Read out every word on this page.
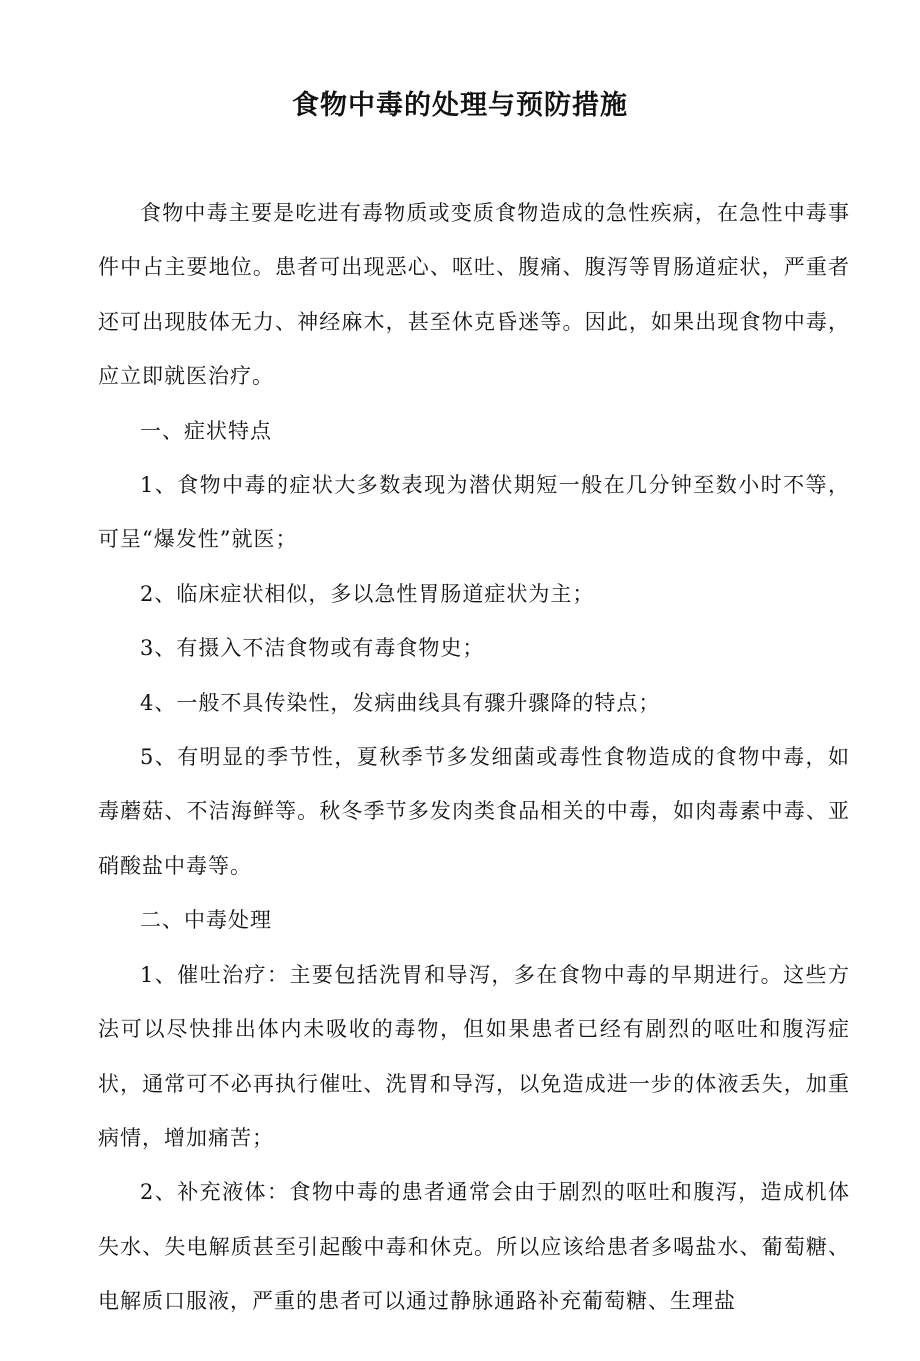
食物中毒的处理与预防措施

食物中毒主要是吃进有毒物质或变质食物造成的急性疾病，在急性中毒事件中占主要地位。患者可出现恶心、呕吐、腹痛、腹泻等胃肠道症状，严重者还可出现肢体无力、神经麻木，甚至休克昏迷等。因此，如果出现食物中毒，应立即就医治疗。

一、症状特点

1、食物中毒的症状大多数表现为潜伏期短一般在几分钟至数小时不等，可呈“爆发性”就医；

2、临床症状相似，多以急性胃肠道症状为主；

3、有摄入不洁食物或有毒食物史；

4、一般不具传染性，发病曲线具有骤升骤降的特点；

5、有明显的季节性，夏秋季节多发细菌或毒性食物造成的食物中毒，如毒蘑菇、不洁海鲜等。秋冬季节多发肉类食品相关的中毒，如肉毒素中毒、亚硝酸盐中毒等。

二、中毒处理

1、催吐治疗：主要包括洗胃和导泻，多在食物中毒的早期进行。这些方法可以尽快排出体内未吸收的毒物，但如果患者已经有剧烈的呕吐和腹泻症状，通常可不必再执行催吐、洗胃和导泻，以免造成进一步的体液丢失，加重病情，增加痛苦；

2、补充液体：食物中毒的患者通常会由于剧烈的呕吐和腹泻，造成机体失水、失电解质甚至引起酸中毒和休克。所以应该给患者多喝盐水、葡萄糖、电解质口服液，严重的患者可以通过静脉通路补充葡萄糖、生理盐
